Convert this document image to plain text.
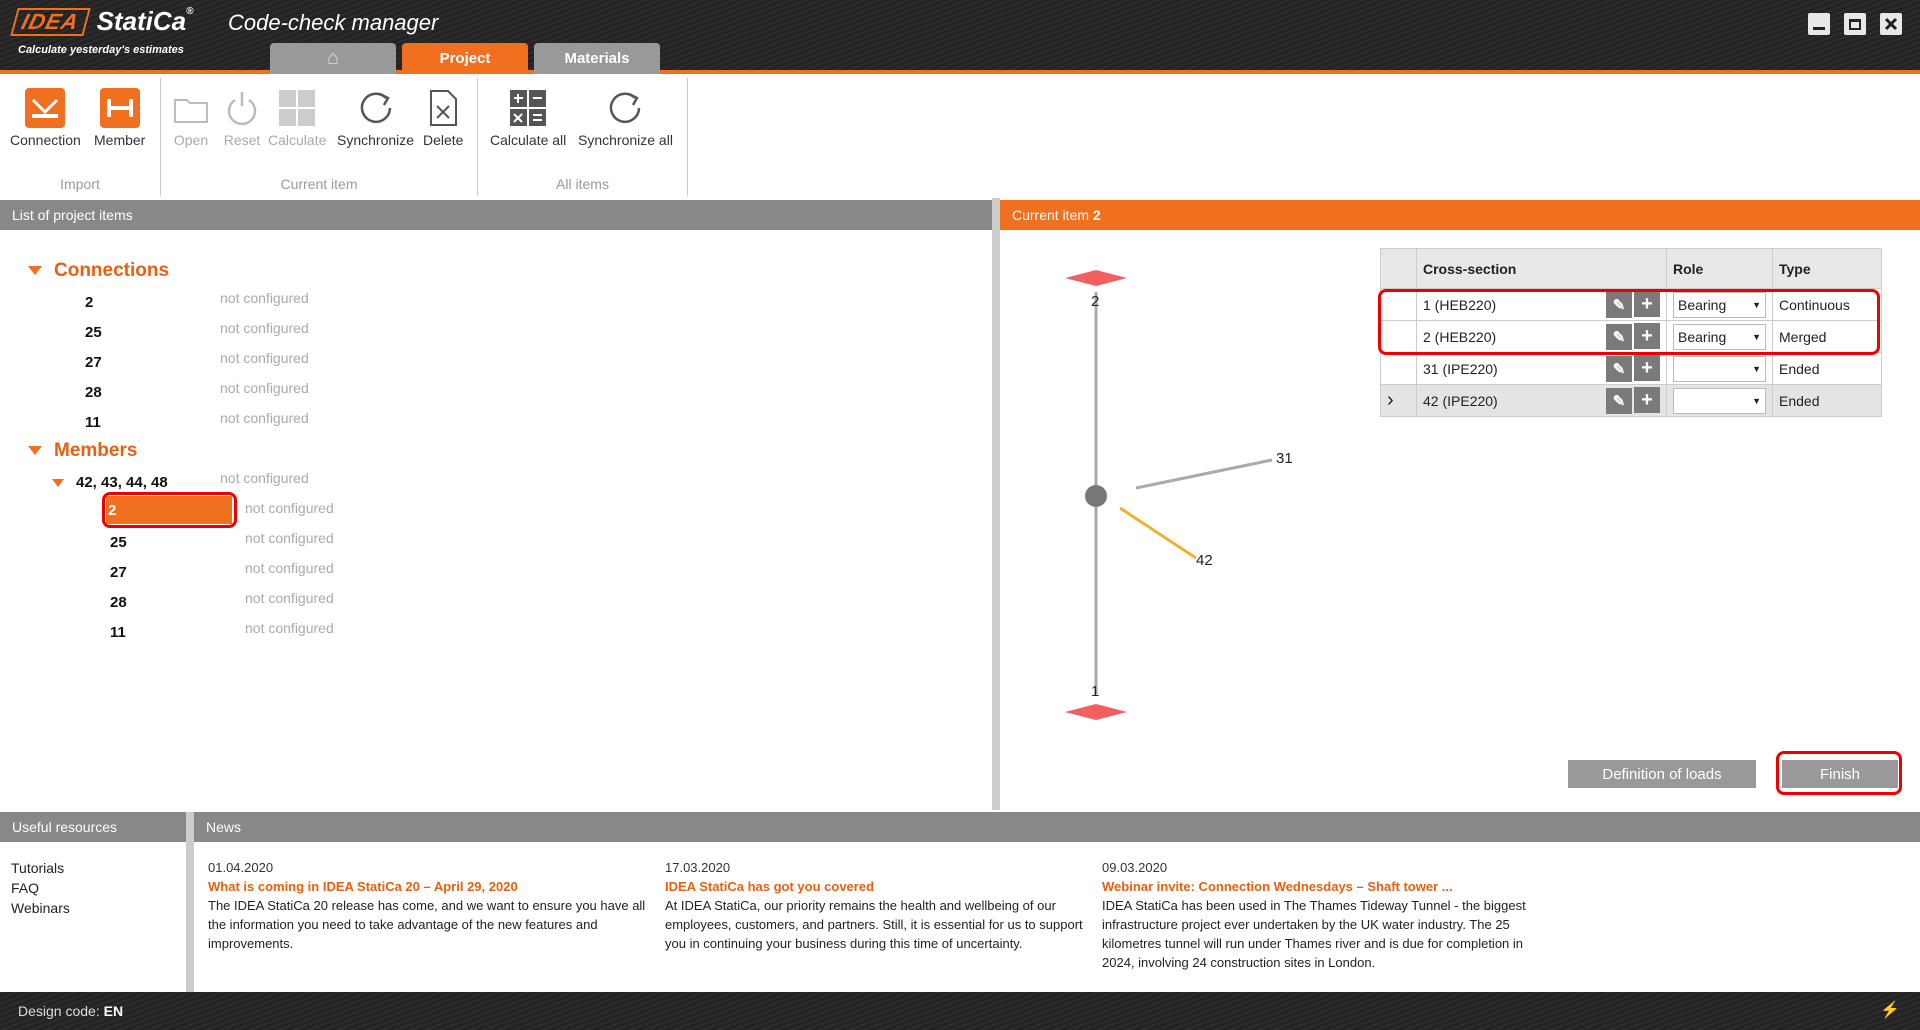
IDEA StatiCa® Code-check manager
Calculate yesterday's estimates	⌂	Project	Materials
Connection Member
Import
Open Reset Calculate Synchronize Delete
Current item
Calculate all Synchronize all
All items
List of project items
Connections
2	not configured
25	not configured
27	not configured
28	not configured
11	not configured
Members
42, 43, 44, 48	not configured
2	not configured
25	not configured
27	not configured
28	not configured
11	not configured
Current item 2
2
1
31
42
	Cross-section	Role	Type

	1 (HEB220) ✎ +	Bearing ▼	Continuous

	2 (HEB220) ✎ +	Bearing ▼	Merged

	31 (IPE220) ✎ +	▼	Ended
›	42 (IPE220) ✎ +	▼	Ended
Definition of loads	Finish
Useful resources	News
Tutorials
FAQ
Webinars
01.04.2020
What is coming in IDEA StatiCa 20 – April 29, 2020
The IDEA StatiCa 20 release has come, and we want to ensure you have all the information you need to take advantage of the new features and improvements.
17.03.2020
IDEA StatiCa has got you covered
At IDEA StatiCa, our priority remains the health and wellbeing of our employees, customers, and partners. Still, it is essential for us to support you in continuing your business during this time of uncertainty.
09.03.2020
Webinar invite: Connection Wednesdays – Shaft tower ...
IDEA StatiCa has been used in The Thames Tideway Tunnel - the biggest infrastructure project ever undertaken by the UK water industry. The 25 kilometres tunnel will run under Thames river and is due for completion in 2024, involving 24 construction sites in London.
Design code: EN	⚡
